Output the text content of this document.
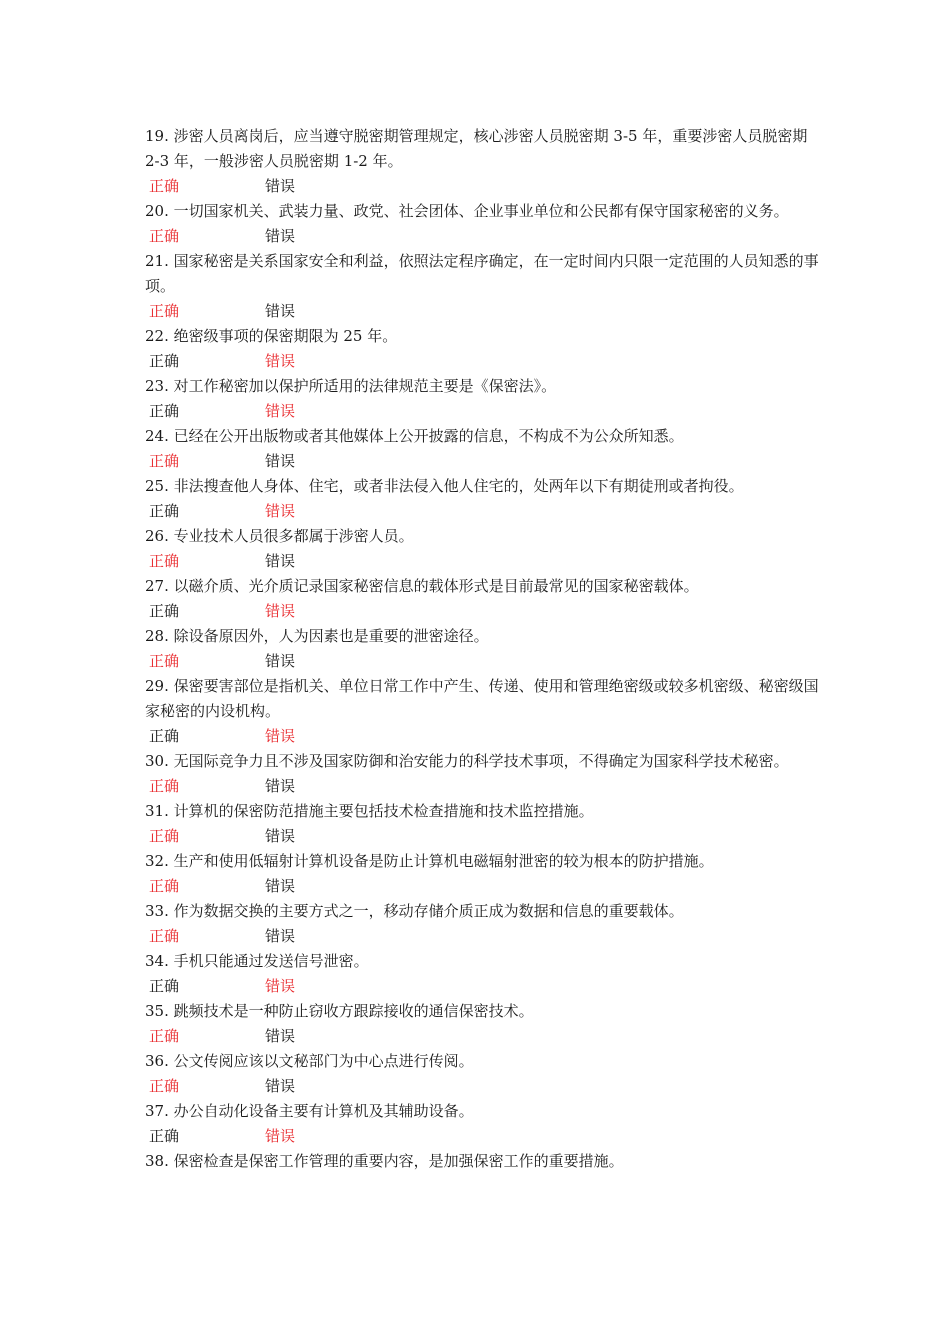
19. 涉密人员离岗后，应当遵守脱密期管理规定，核心涉密人员脱密期 3-5 年，重要涉密人员脱密期 2-3 年，一般涉密人员脱密期 1-2 年。

正确	错误

20. 一切国家机关、武装力量、政党、社会团体、企业事业单位和公民都有保守国家秘密的义务。

正确	错误

21. 国家秘密是关系国家安全和利益，依照法定程序确定，在一定时间内只限一定范围的人员知悉的事项。

正确	错误

22. 绝密级事项的保密期限为 25 年。

正确	错误

23. 对工作秘密加以保护所适用的法律规范主要是《保密法》。

正确	错误

24. 已经在公开出版物或者其他媒体上公开披露的信息，不构成不为公众所知悉。

正确	错误

25. 非法搜查他人身体、住宅，或者非法侵入他人住宅的，处两年以下有期徒刑或者拘役。

正确	错误

26. 专业技术人员很多都属于涉密人员。

正确	错误

27. 以磁介质、光介质记录国家秘密信息的载体形式是目前最常见的国家秘密载体。

正确	错误

28. 除设备原因外，人为因素也是重要的泄密途径。

正确	错误

29. 保密要害部位是指机关、单位日常工作中产生、传递、使用和管理绝密级或较多机密级、秘密级国家秘密的内设机构。

正确	错误

30. 无国际竞争力且不涉及国家防御和治安能力的科学技术事项，不得确定为国家科学技术秘密。

正确	错误

31. 计算机的保密防范措施主要包括技术检查措施和技术监控措施。

正确	错误

32. 生产和使用低辐射计算机设备是防止计算机电磁辐射泄密的较为根本的防护措施。

正确	错误

33. 作为数据交换的主要方式之一，移动存储介质正成为数据和信息的重要载体。

正确	错误

34. 手机只能通过发送信号泄密。

正确	错误

35. 跳频技术是一种防止窃收方跟踪接收的通信保密技术。

正确	错误

36. 公文传阅应该以文秘部门为中心点进行传阅。

正确	错误

37. 办公自动化设备主要有计算机及其辅助设备。

正确	错误

38. 保密检查是保密工作管理的重要内容，是加强保密工作的重要措施。
